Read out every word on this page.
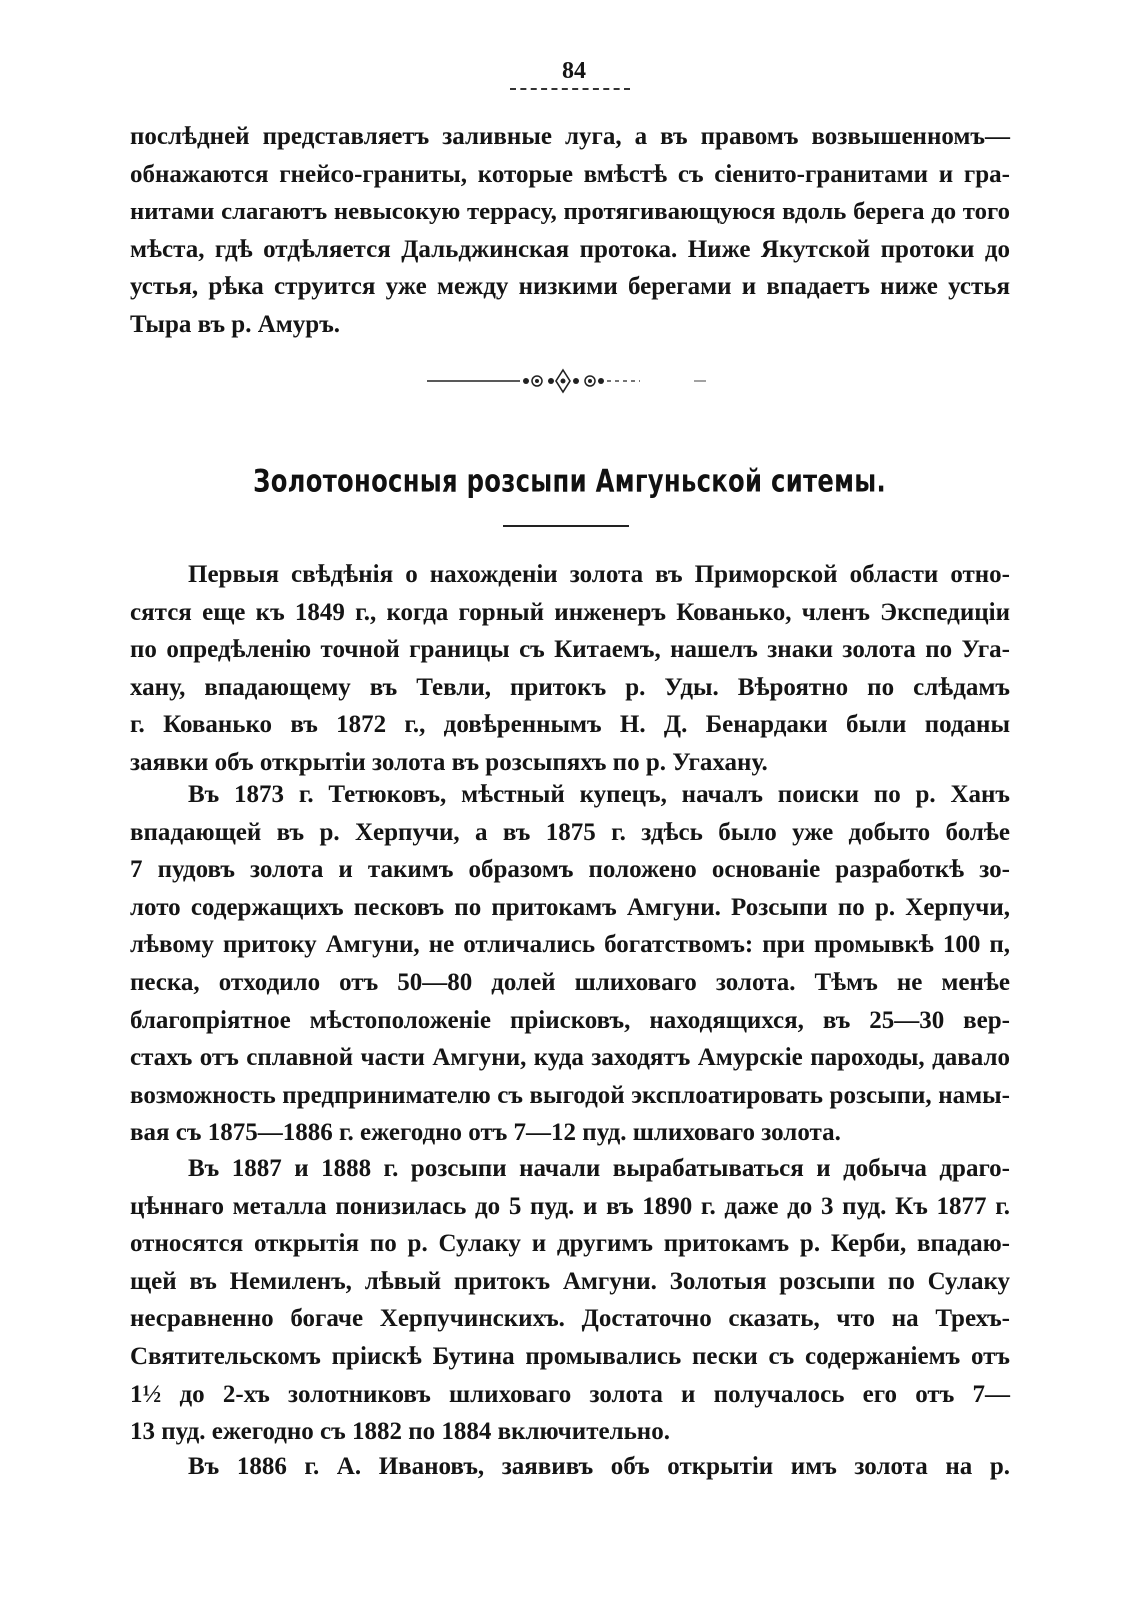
84
послѣдней представляетъ заливные луга, а въ правомъ возвышенномъ—
обнажаются гнейсо-граниты, которые вмѣстѣ съ сіенито-гранитами и гра-
нитами слагаютъ невысокую террасу, протягивающуюся вдоль берега до того
мѣста, гдѣ отдѣляется Дальджинская протока. Ниже Якутской протоки до
устья, рѣка струится уже между низкими берегами и впадаетъ ниже устья
Тыра въ р. Амуръ.
Золотоносныя розсыпи Амгуньской ситемы.
Первыя свѣдѣнія о нахожденіи золота въ Приморской области отно-
сятся еще къ 1849 г., когда горный инженеръ Кованько, членъ Экспедиціи
по опредѣленію точной границы съ Китаемъ, нашелъ знаки золота по Уга-
хану, впадающему въ Тевли, притокъ р. Уды. Вѣроятно по слѣдамъ
г. Кованько въ 1872 г., довѣреннымъ Н. Д. Бенардаки были поданы
заявки объ открытіи золота въ розсыпяхъ по р. Угахану.
Въ 1873 г. Тетюковъ, мѣстный купецъ, началъ поиски по р. Ханъ
впадающей въ р. Херпучи, а въ 1875 г. здѣсь было уже добыто болѣе
7 пудовъ золота и такимъ образомъ положено основаніе разработкѣ зо-
лото содержащихъ песковъ по притокамъ Амгуни. Розсыпи по р. Херпучи,
лѣвому притоку Амгуни, не отличались богатствомъ: при промывкѣ 100 п,
песка, отходило отъ 50—80 долей шлиховаго золота. Тѣмъ не менѣе
благопріятное мѣстоположеніе пріисковъ, находящихся, въ 25—30 вер-
стахъ отъ сплавной части Амгуни, куда заходятъ Амурскіе пароходы, давало
возможность предпринимателю съ выгодой эксплоатировать розсыпи, намы-
вая съ 1875—1886 г. ежегодно отъ 7—12 пуд. шлиховаго золота.
Въ 1887 и 1888 г. розсыпи начали вырабатываться и добыча драго-
цѣннаго металла понизилась до 5 пуд. и въ 1890 г. даже до 3 пуд. Къ 1877 г.
относятся открытія по р. Сулаку и другимъ притокамъ р. Керби, впадаю-
щей въ Немиленъ, лѣвый притокъ Амгуни. Золотыя розсыпи по Сулаку
несравненно богаче Херпучинскихъ. Достаточно сказать, что на Трехъ-
Святительскомъ пріискѣ Бутина промывались пески съ содержаніемъ отъ
1½ до 2-хъ золотниковъ шлиховаго золота и получалось его отъ 7—
13 пуд. ежегодно съ 1882 по 1884 включительно.
Въ 1886 г. А. Ивановъ, заявивъ объ открытіи имъ золота на р.
